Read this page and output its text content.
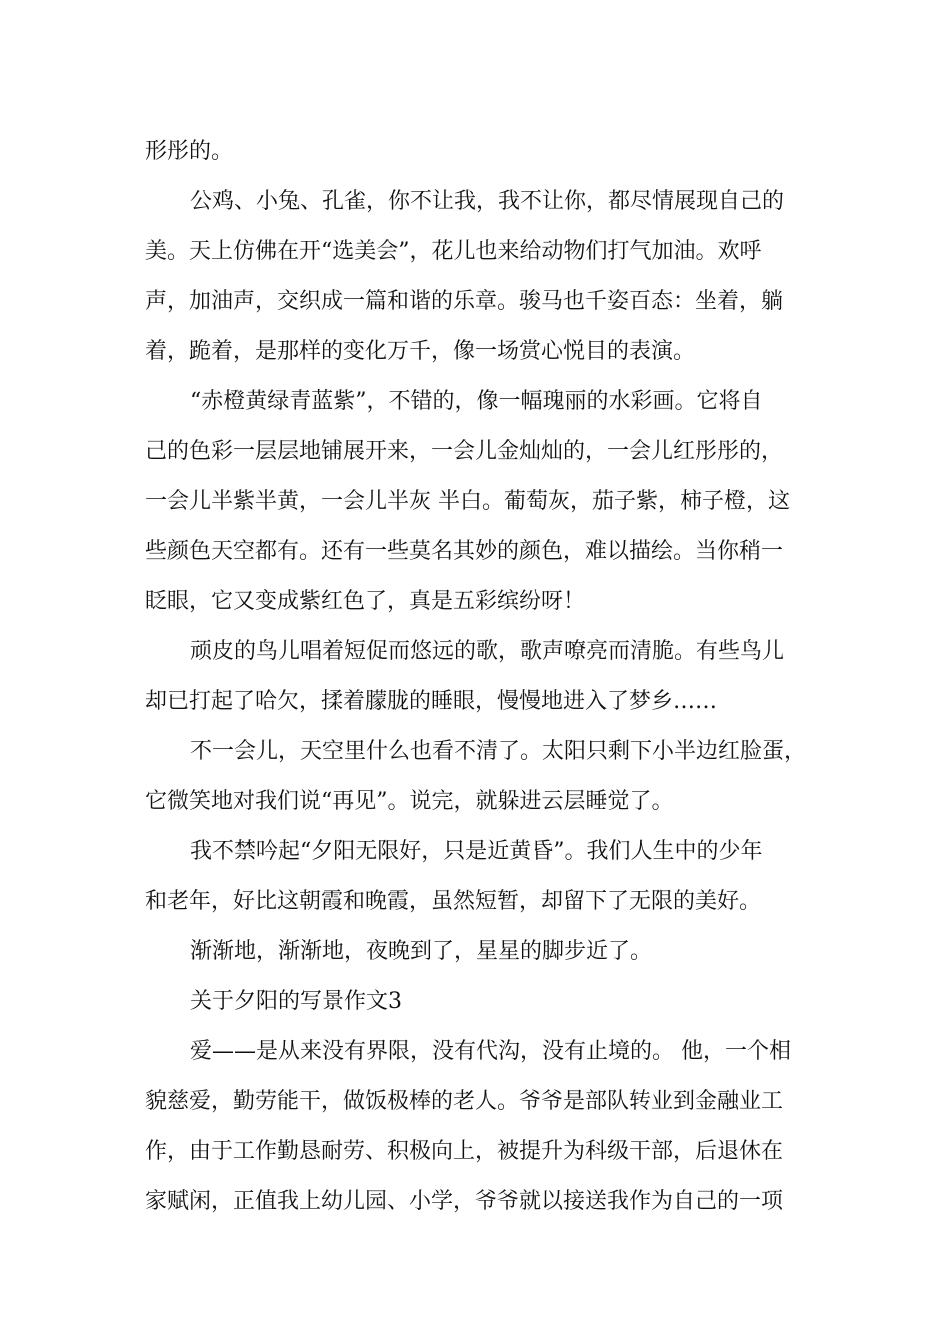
形彤的。
公鸡、小兔、孔雀，你不让我，我不让你，都尽情展现自己的
美。天上仿佛在开“选美会”，花儿也来给动物们打气加油。欢呼
声，加油声，交织成一篇和谐的乐章。骏马也千姿百态：坐着，躺
着，跪着，是那样的变化万千，像一场赏心悦目的表演。
“赤橙黄绿青蓝紫”，不错的，像一幅瑰丽的水彩画。它将自
己的色彩一层层地铺展开来，一会儿金灿灿的，一会儿红彤彤的，
一会儿半紫半黄，一会儿半灰 半白。葡萄灰，茄子紫，柿子橙，这
些颜色天空都有。还有一些莫名其妙的颜色，难以描绘。当你稍一
眨眼，它又变成紫红色了，真是五彩缤纷呀！
顽皮的鸟儿唱着短促而悠远的歌，歌声嘹亮而清脆。有些鸟儿
却已打起了哈欠，揉着朦胧的睡眼，慢慢地进入了梦乡……
不一会儿，天空里什么也看不清了。太阳只剩下小半边红脸蛋，
它微笑地对我们说“再见”。说完，就躲进云层睡觉了。
我不禁吟起“夕阳无限好，只是近黄昏”。我们人生中的少年
和老年，好比这朝霞和晚霞，虽然短暂，却留下了无限的美好。
渐渐地，渐渐地，夜晚到了，星星的脚步近了。
关于夕阳的写景作文3
爱——是从来没有界限，没有代沟，没有止境的。 他，一个相
貌慈爱，勤劳能干，做饭极棒的老人。爷爷是部队转业到金融业工
作，由于工作勤恳耐劳、积极向上，被提升为科级干部，后退休在
家赋闲，正值我上幼儿园、小学，爷爷就以接送我作为自己的一项
